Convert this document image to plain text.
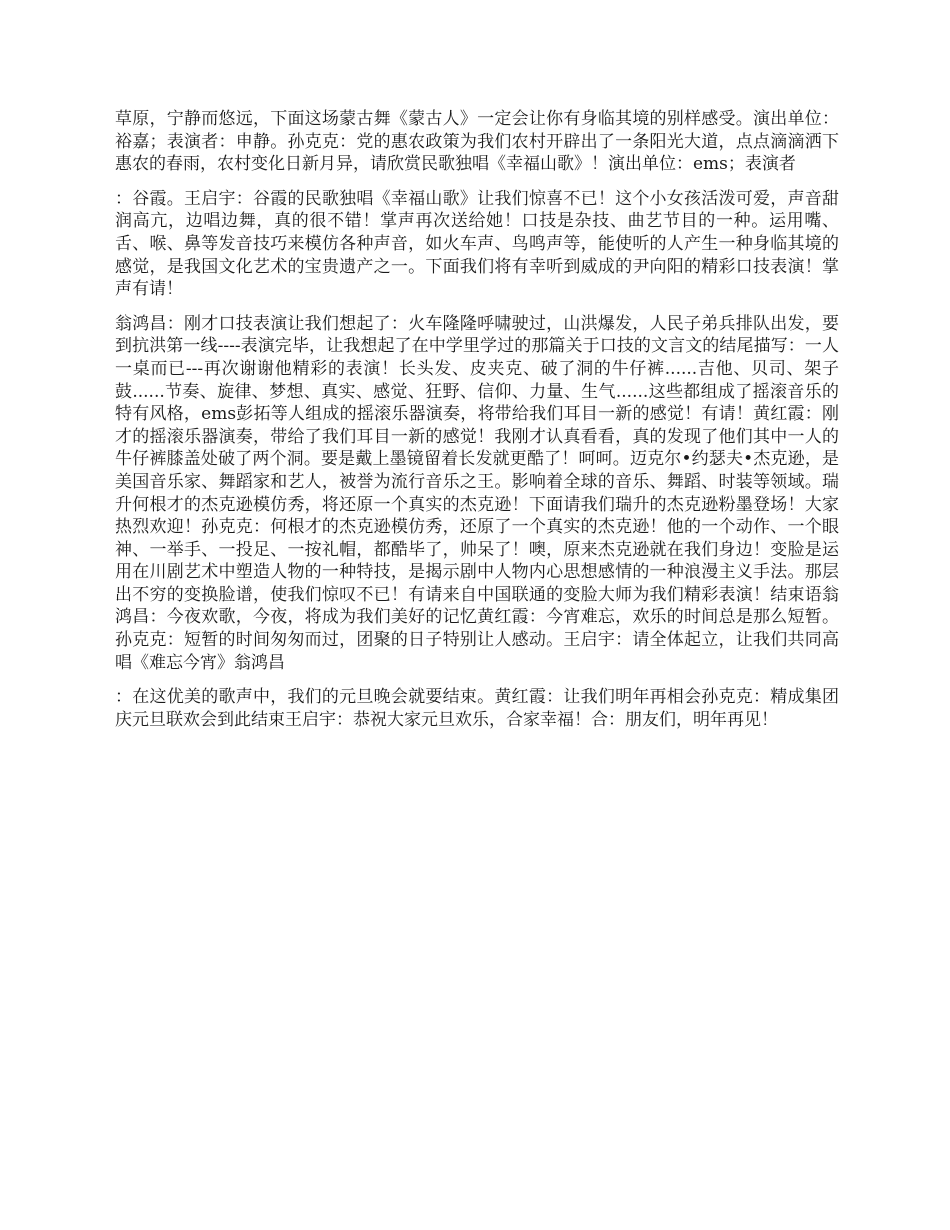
草原，宁静而悠远，下面这场蒙古舞《蒙古人》一定会让你有身临其境的别样感受。演出单位：裕嘉；表演者：申静。孙克克：党的惠农政策为我们农村开辟出了一条阳光大道，点点滴滴洒下惠农的春雨，农村变化日新月异，请欣赏民歌独唱《幸福山歌》！演出单位：ems；表演者

：谷霞。王启宇：谷霞的民歌独唱《幸福山歌》让我们惊喜不已！这个小女孩活泼可爱，声音甜润高亢，边唱边舞，真的很不错！掌声再次送给她！口技是杂技、曲艺节目的一种。运用嘴、舌、喉、鼻等发音技巧来模仿各种声音，如火车声、鸟鸣声等，能使听的人产生一种身临其境的感觉，是我国文化艺术的宝贵遗产之一。下面我们将有幸听到威成的尹向阳的精彩口技表演！掌声有请！

翁鸿昌：刚才口技表演让我们想起了：火车隆隆呼啸驶过，山洪爆发，人民子弟兵排队出发，要到抗洪第一线----表演完毕，让我想起了在中学里学过的那篇关于口技的文言文的结尾描写：一人一桌而已---再次谢谢他精彩的表演！长头发、皮夹克、破了洞的牛仔裤......吉他、贝司、架子鼓......节奏、旋律、梦想、真实、感觉、狂野、信仰、力量、生气......这些都组成了摇滚音乐的特有风格，ems彭拓等人组成的摇滚乐器演奏，将带给我们耳目一新的感觉！有请！黄红霞：刚才的摇滚乐器演奏，带给了我们耳目一新的感觉！我刚才认真看看，真的发现了他们其中一人的牛仔裤膝盖处破了两个洞。要是戴上墨镜留着长发就更酷了！呵呵。迈克尔•约瑟夫•杰克逊，是美国音乐家、舞蹈家和艺人，被誉为流行音乐之王。影响着全球的音乐、舞蹈、时装等领域。瑞升何根才的杰克逊模仿秀，将还原一个真实的杰克逊！下面请我们瑞升的杰克逊粉墨登场！大家热烈欢迎！孙克克：何根才的杰克逊模仿秀，还原了一个真实的杰克逊！他的一个动作、一个眼神、一举手、一投足、一按礼帽，都酷毕了，帅呆了！噢，原来杰克逊就在我们身边！变脸是运用在川剧艺术中塑造人物的一种特技，是揭示剧中人物内心思想感情的一种浪漫主义手法。那层出不穷的变换脸谱，使我们惊叹不已！有请来自中国联通的变脸大师为我们精彩表演！结束语翁鸿昌：今夜欢歌，今夜，将成为我们美好的记忆黄红霞：今宵难忘，欢乐的时间总是那么短暂。孙克克：短暂的时间匆匆而过，团聚的日子特别让人感动。王启宇：请全体起立，让我们共同高唱《难忘今宵》翁鸿昌

：在这优美的歌声中，我们的元旦晚会就要结束。黄红霞：让我们明年再相会孙克克：精成集团庆元旦联欢会到此结束王启宇：恭祝大家元旦欢乐，合家幸福！合：朋友们，明年再见！
